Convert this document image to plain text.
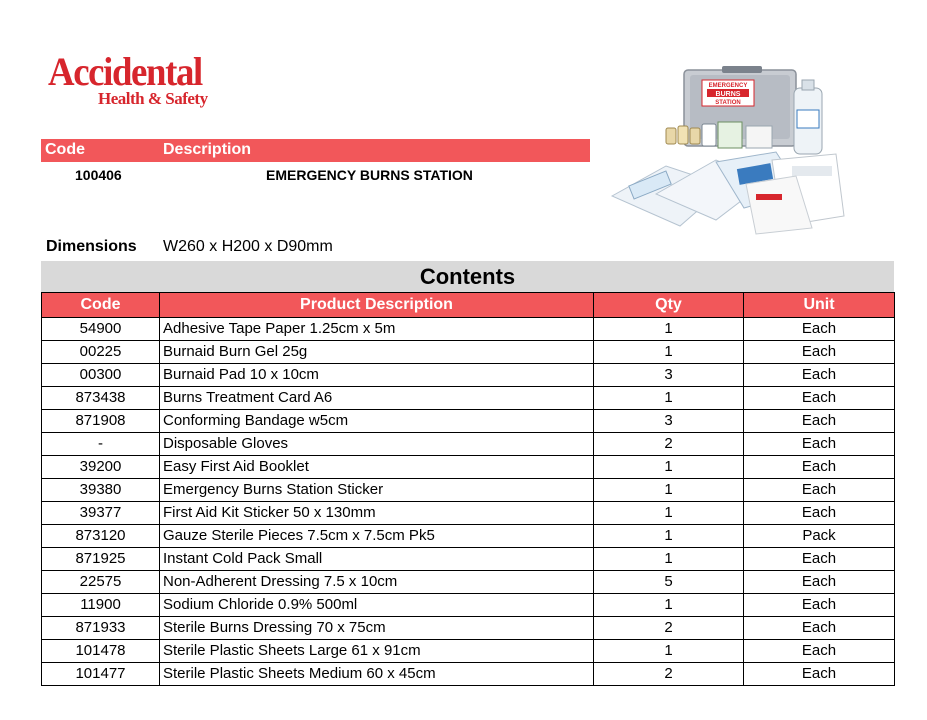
Accidental
Health & Safety
Code	Description
100406	EMERGENCY BURNS STATION
EMERGENCY
BURNS
STATION
Dimensions W260 x H200 x D90mm
Contents
Code	Product Description	Qty	Unit
54900	Adhesive Tape Paper 1.25cm x 5m	1	Each
00225	Burnaid Burn Gel 25g	1	Each
00300	Burnaid Pad 10 x 10cm	3	Each
873438	Burns Treatment Card A6	1	Each
871908	Conforming Bandage w5cm	3	Each
-	Disposable Gloves	2	Each
39200	Easy First Aid Booklet	1	Each
39380	Emergency Burns Station Sticker	1	Each
39377	First Aid Kit Sticker 50 x 130mm	1	Each
873120	Gauze Sterile Pieces 7.5cm x 7.5cm Pk5	1	Pack
871925	Instant Cold Pack Small	1	Each
22575	Non-Adherent Dressing 7.5 x 10cm	5	Each
11900	Sodium Chloride 0.9% 500ml	1	Each
871933	Sterile Burns Dressing 70 x 75cm	2	Each
101478	Sterile Plastic Sheets Large 61 x 91cm	1	Each
101477	Sterile Plastic Sheets Medium 60 x 45cm	2	Each
